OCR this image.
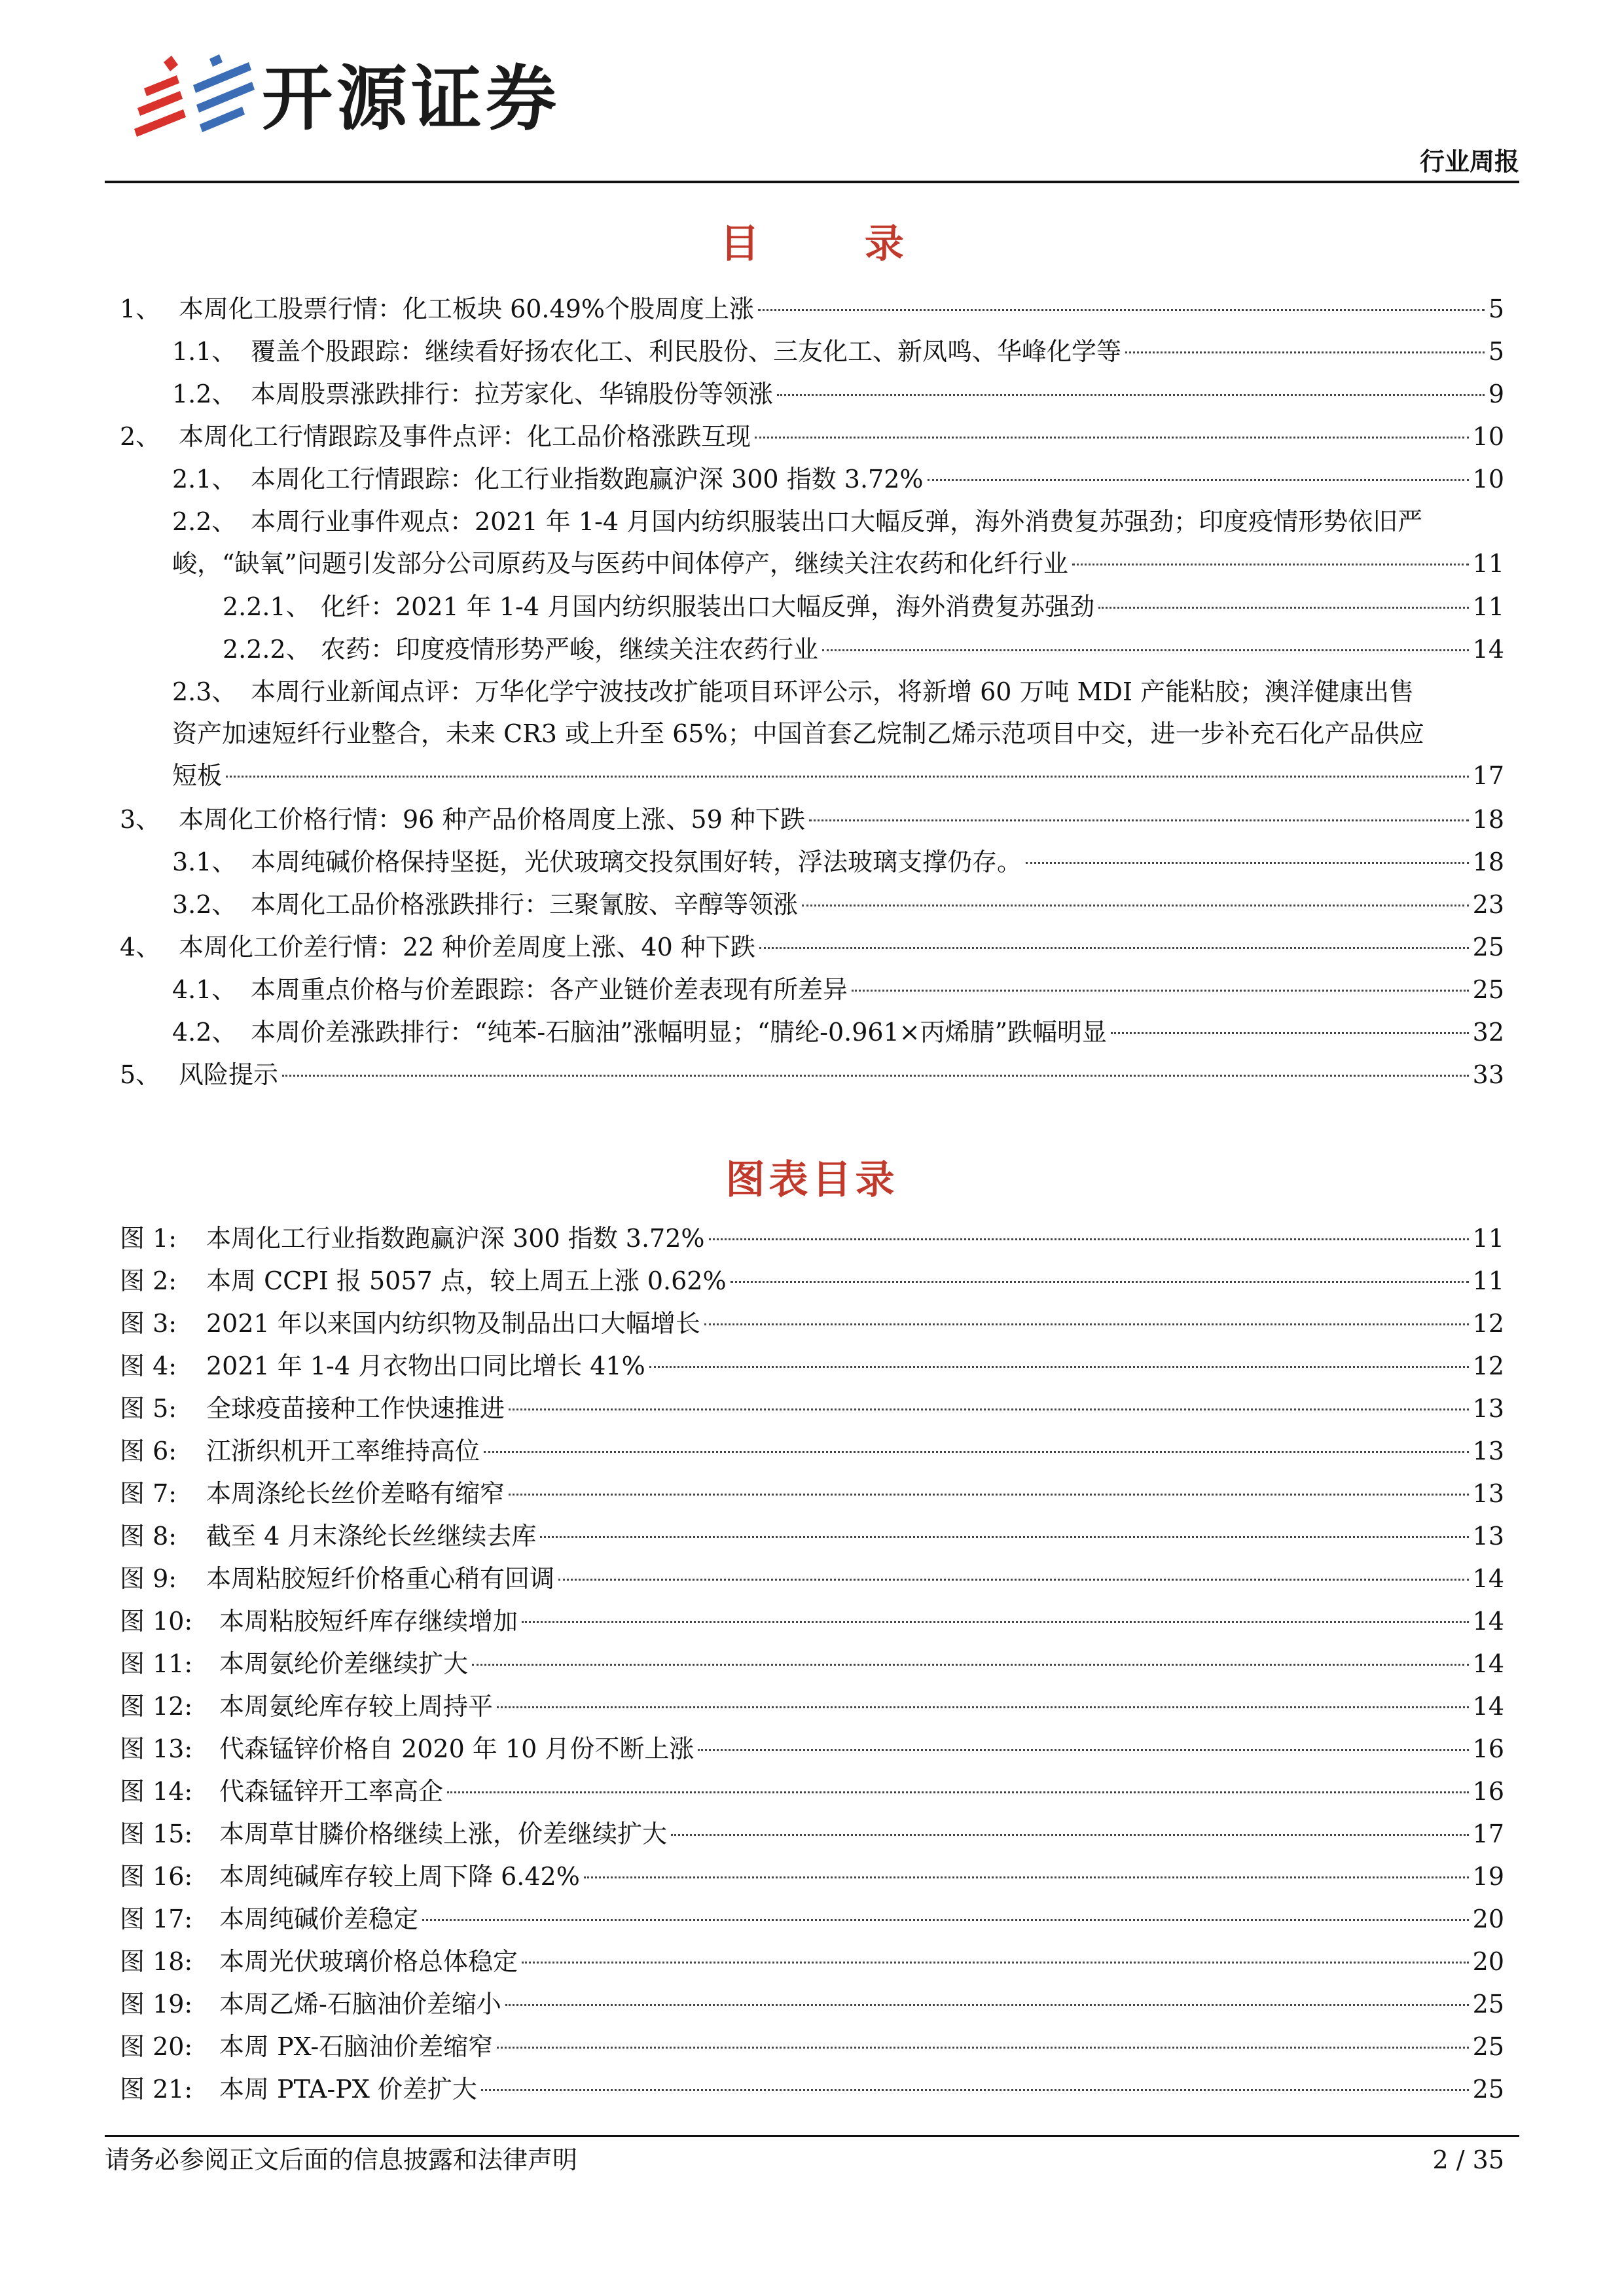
开源证券
行业周报
目 录
1、 本周化工股票行情：化工板块 60.49%个股周度上涨	5
1.1、 覆盖个股跟踪：继续看好扬农化工、利民股份、三友化工、新凤鸣、华峰化学等	5
1.2、 本周股票涨跌排行：拉芳家化、华锦股份等领涨	9
2、 本周化工行情跟踪及事件点评：化工品价格涨跌互现	10
2.1、 本周化工行情跟踪：化工行业指数跑赢沪深 300 指数 3.72%	10
2.2、 本周行业事件观点：2021 年 1-4 月国内纺织服装出口大幅反弹，海外消费复苏强劲；印度疫情形势依旧严
峻，“缺氧”问题引发部分公司原药及与医药中间体停产，继续关注农药和化纤行业	11
2.2.1、 化纤：2021 年 1-4 月国内纺织服装出口大幅反弹，海外消费复苏强劲	11
2.2.2、 农药：印度疫情形势严峻，继续关注农药行业	14
2.3、 本周行业新闻点评：万华化学宁波技改扩能项目环评公示，将新增 60 万吨 MDI 产能粘胶；澳洋健康出售
资产加速短纤行业整合，未来 CR3 或上升至 65%；中国首套乙烷制乙烯示范项目中交，进一步补充石化产品供应
短板	17
3、 本周化工价格行情：96 种产品价格周度上涨、59 种下跌	18
3.1、 本周纯碱价格保持坚挺，光伏玻璃交投氛围好转，浮法玻璃支撑仍存。	18
3.2、 本周化工品价格涨跌排行：三聚氰胺、辛醇等领涨	23
4、 本周化工价差行情：22 种价差周度上涨、40 种下跌	25
4.1、 本周重点价格与价差跟踪：各产业链价差表现有所差异	25
4.2、 本周价差涨跌排行：“纯苯-石脑油”涨幅明显；“腈纶-0.961×丙烯腈”跌幅明显	32
5、 风险提示	33
图表目录
图 1:	本周化工行业指数跑赢沪深 300 指数 3.72%	11
图 2:	本周 CCPI 报 5057 点，较上周五上涨 0.62%	11
图 3:	2021 年以来国内纺织物及制品出口大幅增长	12
图 4:	2021 年 1-4 月衣物出口同比增长 41%	12
图 5:	全球疫苗接种工作快速推进	13
图 6:	江浙织机开工率维持高位	13
图 7:	本周涤纶长丝价差略有缩窄	13
图 8:	截至 4 月末涤纶长丝继续去库	13
图 9:	本周粘胶短纤价格重心稍有回调	14
图 10:	本周粘胶短纤库存继续增加	14
图 11:	本周氨纶价差继续扩大	14
图 12:	本周氨纶库存较上周持平	14
图 13:	代森锰锌价格自 2020 年 10 月份不断上涨	16
图 14:	代森锰锌开工率高企	16
图 15:	本周草甘膦价格继续上涨，价差继续扩大	17
图 16:	本周纯碱库存较上周下降 6.42%	19
图 17:	本周纯碱价差稳定	20
图 18:	本周光伏玻璃价格总体稳定	20
图 19:	本周乙烯-石脑油价差缩小	25
图 20:	本周 PX-石脑油价差缩窄	25
图 21:	本周 PTA-PX 价差扩大	25
请务必参阅正文后面的信息披露和法律声明	2 / 35
